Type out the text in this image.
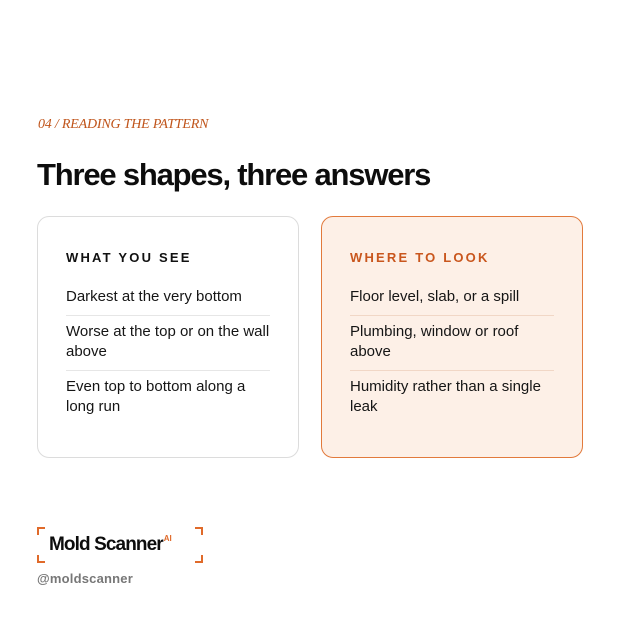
04 / READING THE PATTERN
Three shapes, three answers
WHAT YOU SEE
Darkest at the very bottom
Worse at the top or on the wall above
Even top to bottom along a long run
WHERE TO LOOK
Floor level, slab, or a spill
Plumbing, window or roof above
Humidity rather than a single leak
Mold Scanner$^{AI}$
@moldscanner
